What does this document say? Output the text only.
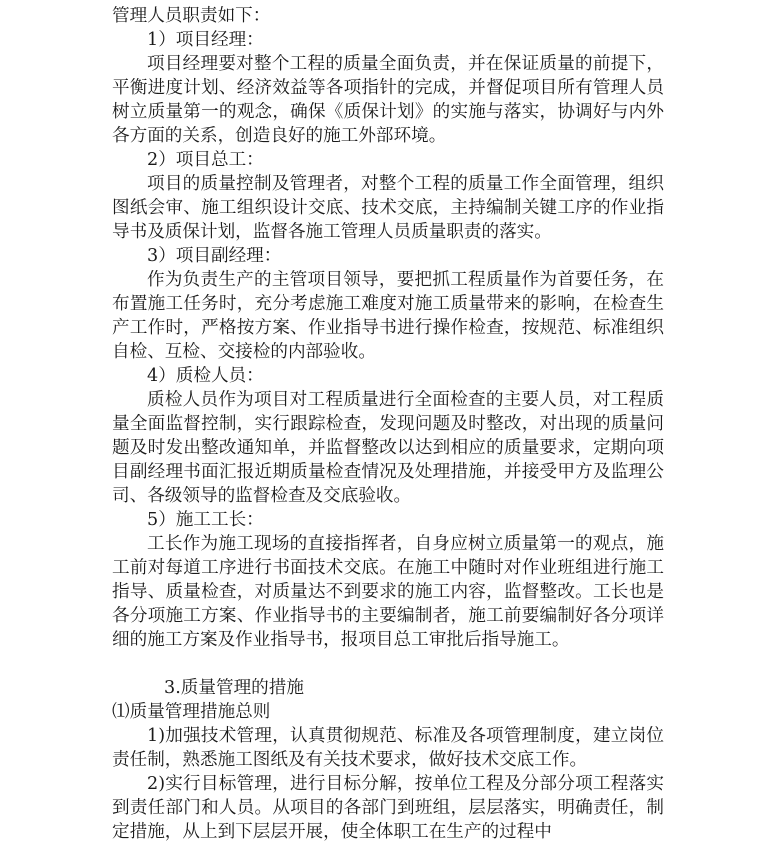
管理人员职责如下：
1）项目经理：

项目经理要对整个工程的质量全面负责，并在保证质量的前提下，平衡进度计划、经济效益等各项指针的完成，并督促项目所有管理人员树立质量第一的观念，确保《质保计划》的实施与落实，协调好与内外各方面的关系，创造良好的施工外部环境。

2）项目总工：

项目的质量控制及管理者，对整个工程的质量工作全面管理，组织图纸会审、施工组织设计交底、技术交底，主持编制关键工序的作业指导书及质保计划，监督各施工管理人员质量职责的落实。

3）项目副经理：

作为负责生产的主管项目领导，要把抓工程质量作为首要任务，在布置施工任务时，充分考虑施工难度对施工质量带来的影响，在检查生产工作时，严格按方案、作业指导书进行操作检查，按规范、标准组织自检、互检、交接检的内部验收。

4）质检人员：

质检人员作为项目对工程质量进行全面检查的主要人员，对工程质量全面监督控制，实行跟踪检查，发现问题及时整改，对出现的质量问题及时发出整改通知单，并监督整改以达到相应的质量要求，定期向项目副经理书面汇报近期质量检查情况及处理措施，并接受甲方及监理公司、各级领导的监督检查及交底验收。

5）施工工长：

工长作为施工现场的直接指挥者，自身应树立质量第一的观点，施工前对每道工序进行书面技术交底。在施工中随时对作业班组进行施工指导、质量检查，对质量达不到要求的施工内容，监督整改。工长也是各分项施工方案、作业指导书的主要编制者，施工前要编制好各分项详细的施工方案及作业指导书，报项目总工审批后指导施工。

3.质量管理的措施
⑴质量管理措施总则

1)加强技术管理，认真贯彻规范、标准及各项管理制度，建立岗位责任制，熟悉施工图纸及有关技术要求，做好技术交底工作。

2)实行目标管理，进行目标分解，按单位工程及分部分项工程落实到责任部门和人员。从项目的各部门到班组，层层落实，明确责任，制定措施，从上到下层层开展，使全体职工在生产的过程中
